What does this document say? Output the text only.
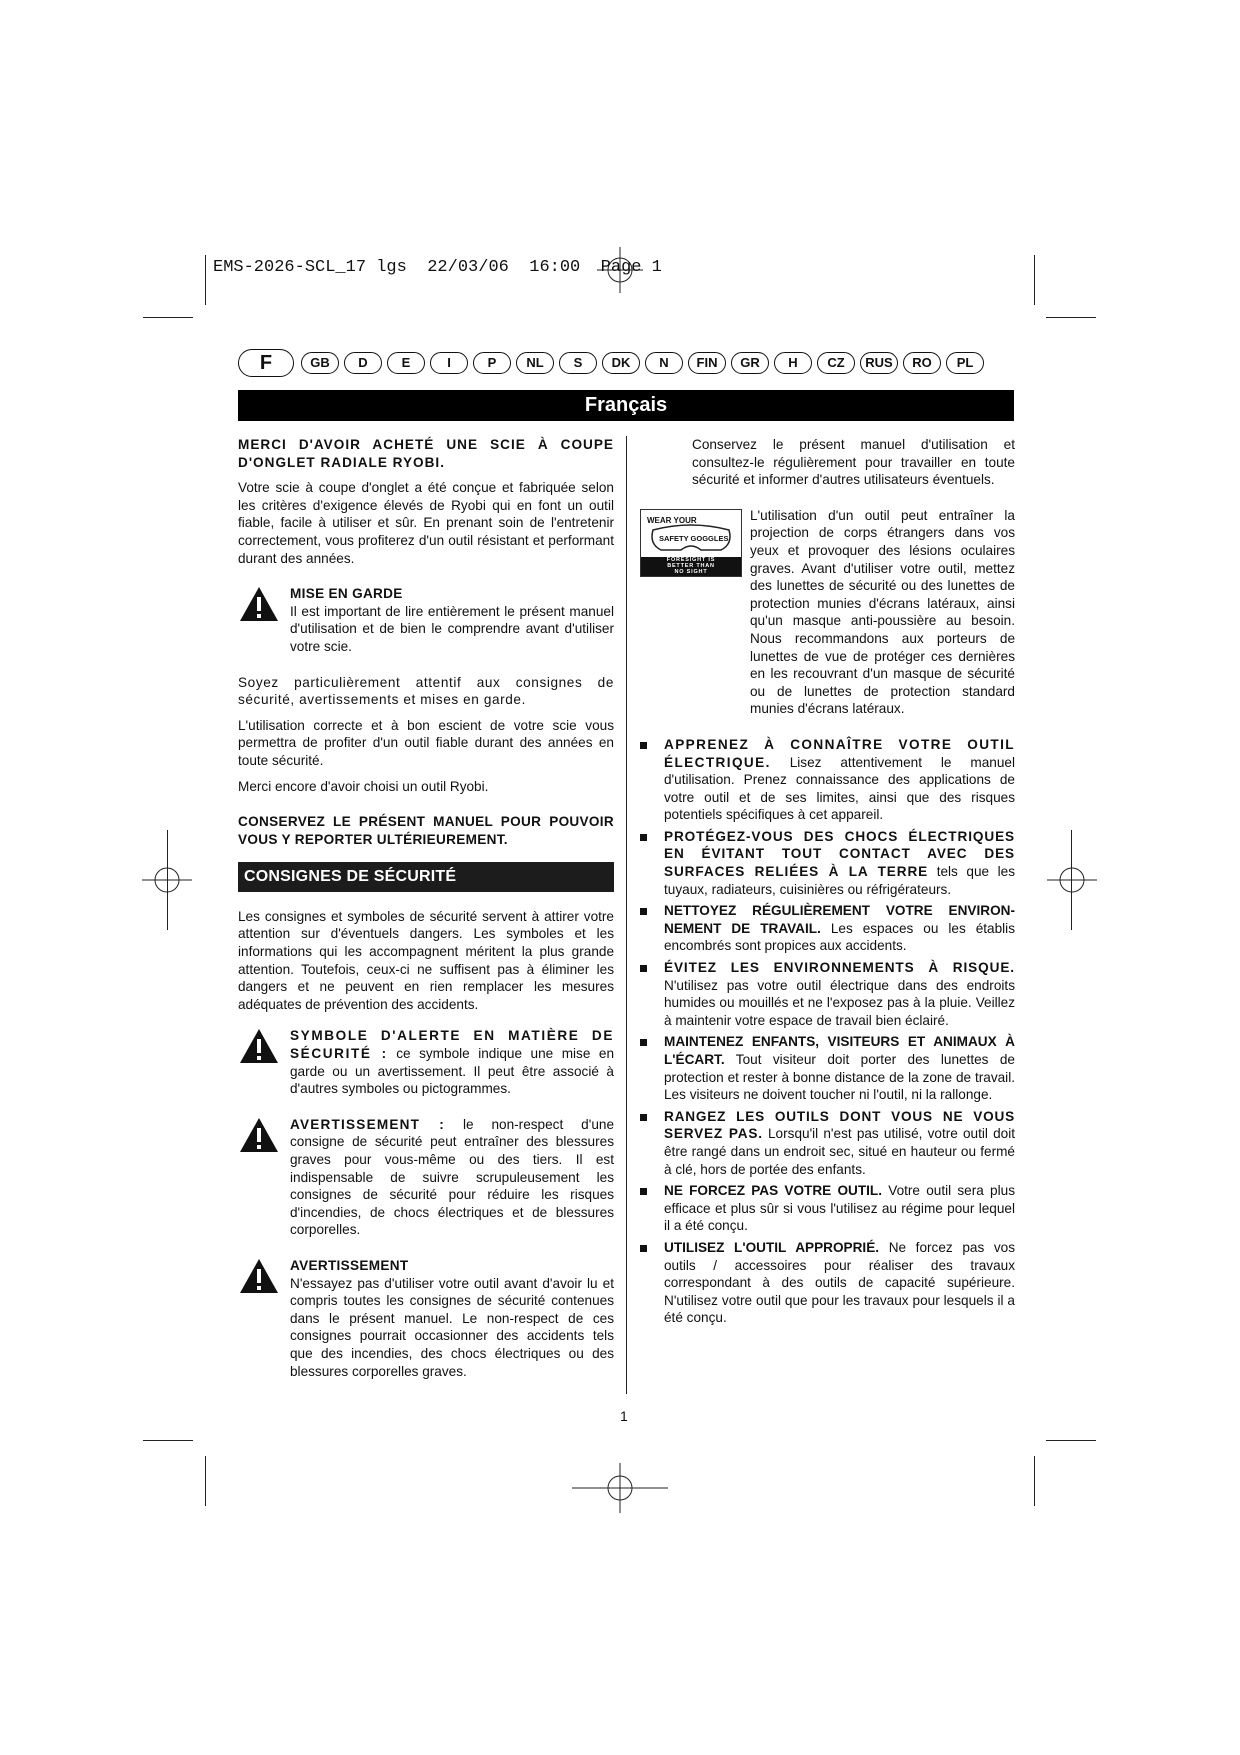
EMS-2026-SCL_17 lgs  22/03/06  16:00  Page 1
F	GB	D	E	I	P	NL	S	DK	N	FIN	GR	H	CZ	RUS	RO	PL
Français

MERCI D'AVOIR ACHETÉ UNE SCIE À COUPE D'ONGLET RADIALE RYOBI.

Votre scie à coupe d'onglet a été conçue et fabriquée selon les critères d'exigence élevés de Ryobi qui en font un outil fiable, facile à utiliser et sûr. En prenant soin de l'entretenir correctement, vous profiterez d'un outil résistant et performant durant des années.

MISE EN GARDE

Il est important de lire entièrement le présent manuel d'utilisation et de bien le comprendre avant d'utiliser votre scie.

Soyez particulièrement attentif aux consignes de sécurité, avertissements et mises en garde.

L'utilisation correcte et à bon escient de votre scie vous permettra de profiter d'un outil fiable durant des années en toute sécurité.

Merci encore d'avoir choisi un outil Ryobi.

CONSERVEZ LE PRÉSENT MANUEL POUR POUVOIR VOUS Y REPORTER ULTÉRIEUREMENT.

CONSIGNES DE SÉCURITÉ

Les consignes et symboles de sécurité servent à attirer votre attention sur d'éventuels dangers. Les symboles et les informations qui les accompagnent méritent la plus grande attention. Toutefois, ceux-ci ne suffisent pas à éliminer les dangers et ne peuvent en rien remplacer les mesures adéquates de prévention des accidents.

SYMBOLE D'ALERTE EN MATIÈRE DE SÉCURITÉ : ce symbole indique une mise en garde ou un avertissement. Il peut être associé à d'autres symboles ou pictogrammes.

AVERTISSEMENT : le non-respect d'une consigne de sécurité peut entraîner des blessures graves pour vous-même ou des tiers. Il est indispensable de suivre scrupuleusement les consignes de sécurité pour réduire les risques d'incendies, de chocs électriques et de blessures corporelles.

AVERTISSEMENT

N'essayez pas d'utiliser votre outil avant d'avoir lu et compris toutes les consignes de sécurité contenues dans le présent manuel. Le non-respect de ces consignes pourrait occasionner des accidents tels que des incendies, des chocs électriques ou des blessures corporelles graves.

Conservez le présent manuel d'utilisation et consultez-le régulièrement pour travailler en toute sécurité et informer d'autres utilisateurs éventuels.

WEAR YOUR
SAFETY GOGGLES
FORESIGHT IS BETTER THAN NO SIGHT

L'utilisation d'un outil peut entraîner la projection de corps étrangers dans vos yeux et provoquer des lésions oculaires graves. Avant d'utiliser votre outil, mettez des lunettes de sécurité ou des lunettes de protection munies d'écrans latéraux, ainsi qu'un masque anti-poussière au besoin. Nous recommandons aux porteurs de lunettes de vue de protéger ces dernières en les recouvrant d'un masque de sécurité ou de lunettes de protection standard munies d'écrans latéraux.

APPRENEZ À CONNAÎTRE VOTRE OUTIL ÉLECTRIQUE. Lisez attentivement le manuel d'utilisation. Prenez connaissance des applications de votre outil et de ses limites, ainsi que des risques potentiels spécifiques à cet appareil.
PROTÉGEZ-VOUS DES CHOCS ÉLECTRIQUES EN ÉVITANT TOUT CONTACT AVEC DES SURFACES RELIÉES À LA TERRE tels que les tuyaux, radiateurs, cuisinières ou réfrigérateurs.
NETTOYEZ RÉGULIÈREMENT VOTRE ENVIRON-NEMENT DE TRAVAIL. Les espaces ou les établis encombrés sont propices aux accidents.
ÉVITEZ LES ENVIRONNEMENTS À RISQUE. N'utilisez pas votre outil électrique dans des endroits humides ou mouillés et ne l'exposez pas à la pluie. Veillez à maintenir votre espace de travail bien éclairé.
MAINTENEZ ENFANTS, VISITEURS ET ANIMAUX À L'ÉCART. Tout visiteur doit porter des lunettes de protection et rester à bonne distance de la zone de travail. Les visiteurs ne doivent toucher ni l'outil, ni la rallonge.
RANGEZ LES OUTILS DONT VOUS NE VOUS SERVEZ PAS. Lorsqu'il n'est pas utilisé, votre outil doit être rangé dans un endroit sec, situé en hauteur ou fermé à clé, hors de portée des enfants.
NE FORCEZ PAS VOTRE OUTIL. Votre outil sera plus efficace et plus sûr si vous l'utilisez au régime pour lequel il a été conçu.
UTILISEZ L'OUTIL APPROPRIÉ. Ne forcez pas vos outils / accessoires pour réaliser des travaux correspondant à des outils de capacité supérieure. N'utilisez votre outil que pour les travaux pour lesquels il a été conçu.
1
